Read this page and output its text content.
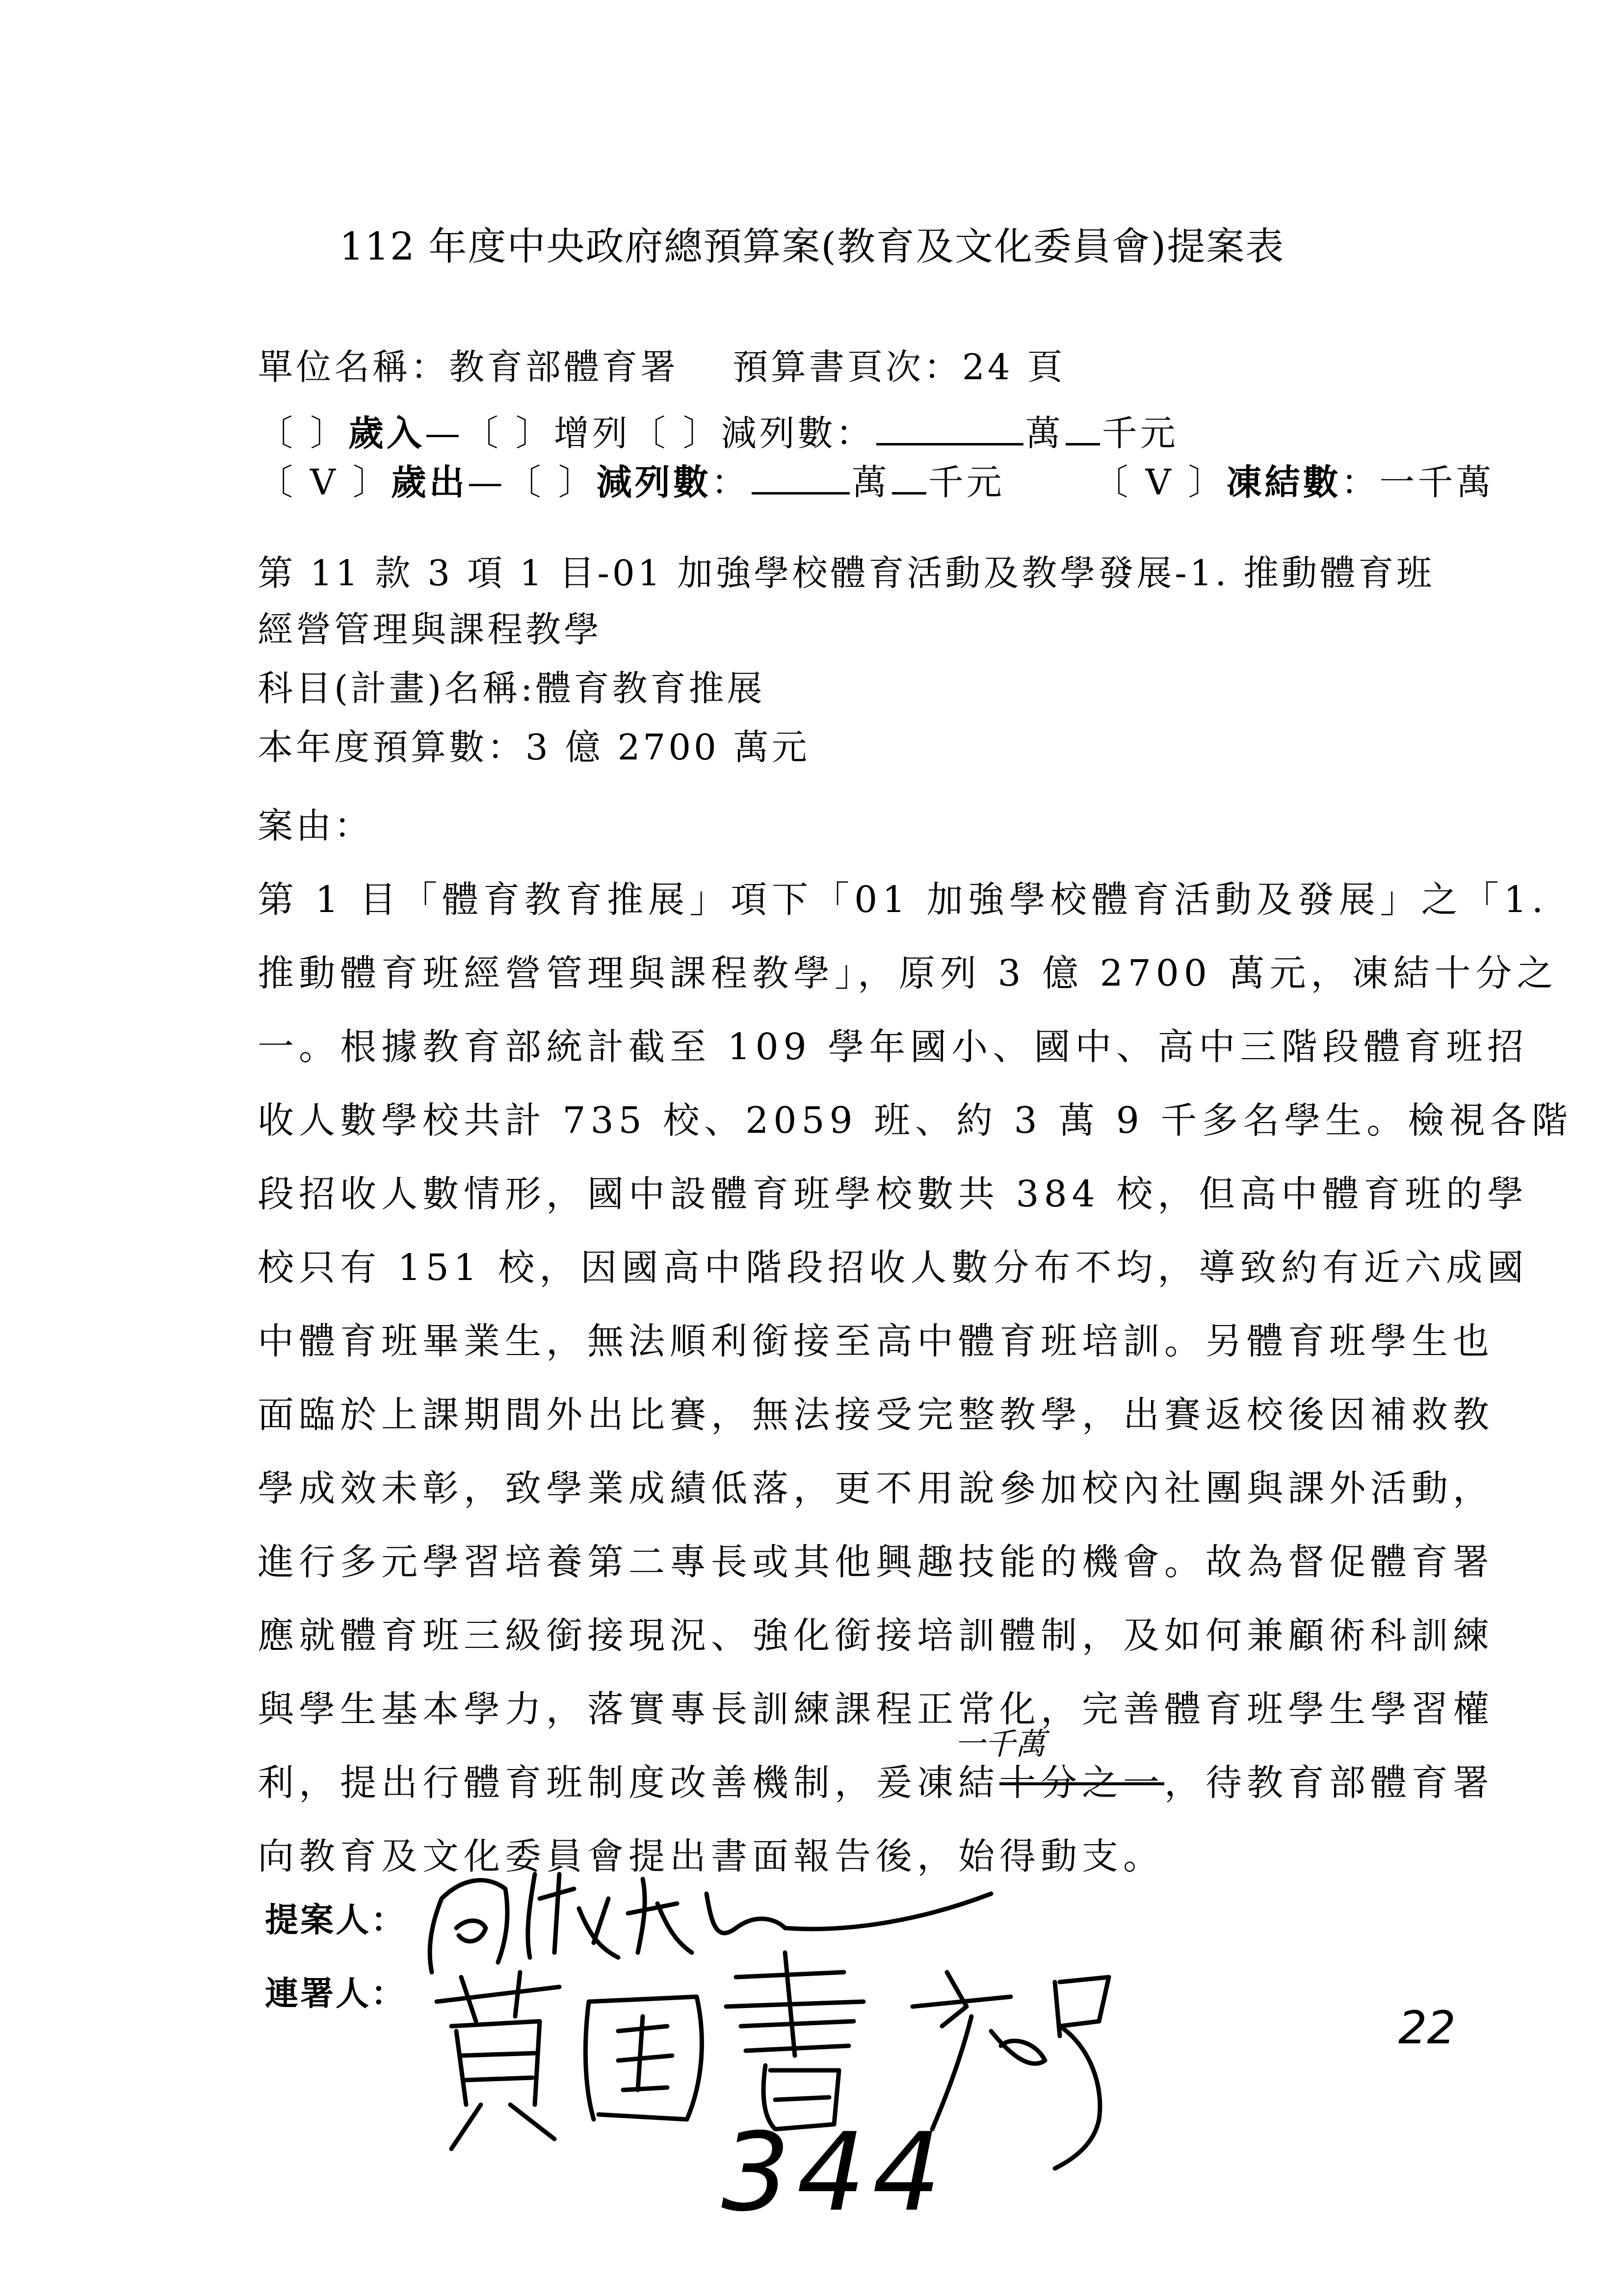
112 年度中央政府總預算案(教育及文化委員會)提案表
單位名稱：教育部體育署 預算書頁次：24 頁
〔 〕歲入—〔 〕增列〔 〕減列數：	萬 千元
〔 V 〕歲出—〔 〕減列數：	萬 千元	〔 V 〕凍結數：一千萬
第 11 款 3 項 1 目-01 加強學校體育活動及教學發展-1. 推動體育班
經營管理與課程教學
科目(計畫)名稱:體育教育推展
本年度預算數：3 億 2700 萬元
案由：
第 1 目「體育教育推展」項下「01 加強學校體育活動及發展」之「1.
推動體育班經營管理與課程教學」，原列 3 億 2700 萬元，凍結十分之
一。根據教育部統計截至 109 學年國小、國中、高中三階段體育班招
收人數學校共計 735 校、2059 班、約 3 萬 9 千多名學生。檢視各階
段招收人數情形，國中設體育班學校數共 384 校，但高中體育班的學
校只有 151 校，因國高中階段招收人數分布不均，導致約有近六成國
中體育班畢業生，無法順利銜接至高中體育班培訓。另體育班學生也
面臨於上課期間外出比賽，無法接受完整教學，出賽返校後因補救教
學成效未彰，致學業成績低落，更不用說參加校內社團與課外活動，
進行多元學習培養第二專長或其他興趣技能的機會。故為督促體育署
應就體育班三級銜接現況、強化銜接培訓體制，及如何兼顧術科訓練
與學生基本學力，落實專長訓練課程正常化，完善體育班學生學習權
利，提出行體育班制度改善機制，爰凍結十分之一，待教育部體育署
一千萬
向教育及文化委員會提出書面報告後，始得動支。
提案人：
連署人：
344
22
